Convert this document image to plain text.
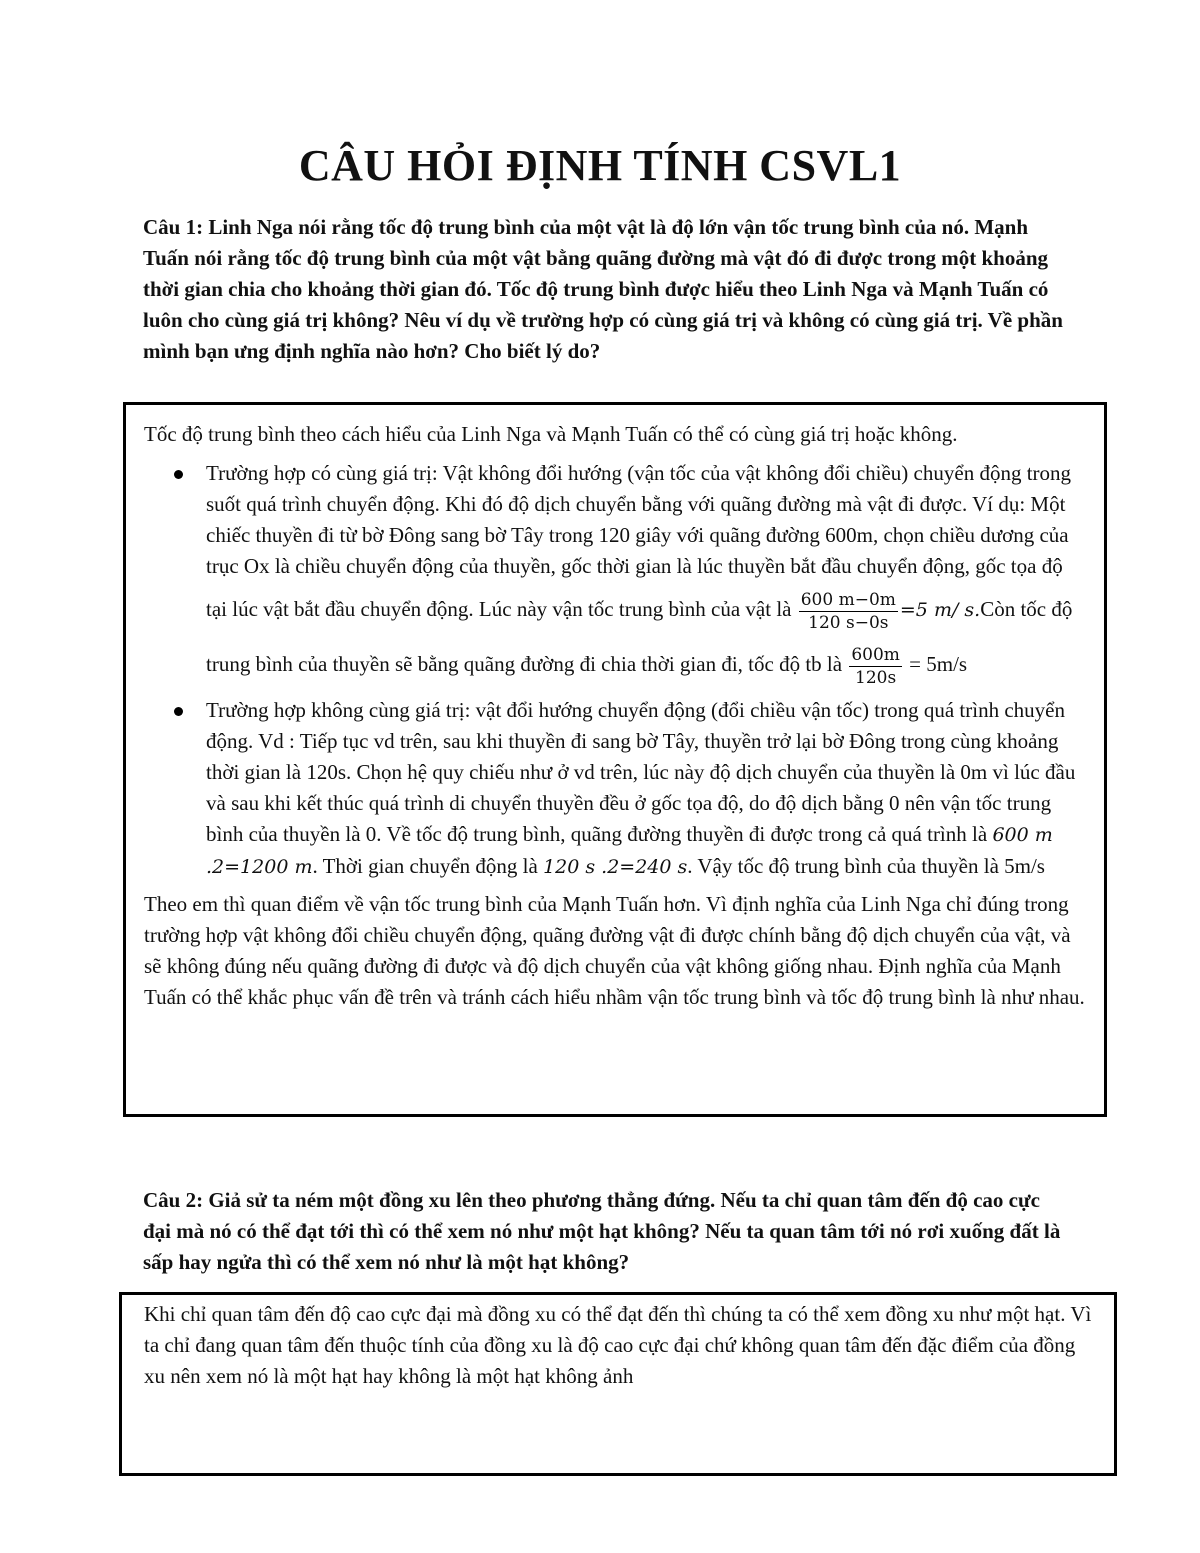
CÂU HỎI ĐỊNH TÍNH CSVL1
Câu 1: Linh Nga nói rằng tốc độ trung bình của một vật là độ lớn vận tốc trung bình của nó. Mạnh Tuấn nói rằng tốc độ trung bình của một vật bằng quãng đường mà vật đó đi được trong một khoảng thời gian chia cho khoảng thời gian đó. Tốc độ trung bình được hiểu theo Linh Nga và Mạnh Tuấn có luôn cho cùng giá trị không? Nêu ví dụ về trường hợp có cùng giá trị và không có cùng giá trị. Về phần mình bạn ưng định nghĩa nào hơn? Cho biết lý do?

Tốc độ trung bình theo cách hiểu của Linh Nga và Mạnh Tuấn có thể có cùng giá trị hoặc không.

Trường hợp có cùng giá trị: Vật không đổi hướng (vận tốc của vật không đổi chiều) chuyển động trong suốt quá trình chuyển động. Khi đó độ dịch chuyển bằng với quãng đường mà vật đi được. Ví dụ: Một chiếc thuyền đi từ bờ Đông sang bờ Tây trong 120 giây với quãng đường 600m, chọn chiều dương của trục Ox là chiều chuyển động của thuyền, gốc thời gian là lúc thuyền bắt đầu chuyển động, gốc tọa độ tại lúc vật bắt đầu chuyển động. Lúc này vận tốc trung bình của vật là $\frac{600 m-0m}{120 s-0s} =5$ m/ s.Còn tốc độ trung bình của thuyền sẽ bằng quãng đường đi chia thời gian đi, tốc độ tb là $\frac{600m}{120s} = 5m/s$
Trường hợp không cùng giá trị: vật đổi hướng chuyển động (đổi chiều vận tốc) trong quá trình chuyển động. Vd : Tiếp tục vd trên, sau khi thuyền đi sang bờ Tây, thuyền trở lại bờ Đông trong cùng khoảng thời gian là 120s. Chọn hệ quy chiếu như ở vd trên, lúc này độ dịch chuyển của thuyền là 0m vì lúc đầu và sau khi kết thúc quá trình di chuyển thuyền đều ở gốc tọa độ, do độ dịch bằng 0 nên vận tốc trung bình của thuyền là 0. Về tốc độ trung bình, quãng đường thuyền đi được trong cả quá trình là 600 m .2=1200 m. Thời gian chuyển động là 120 s .2=240 s. Vậy tốc độ trung bình của thuyền là 5m/s

Theo em thì quan điểm về vận tốc trung bình của Mạnh Tuấn hơn. Vì định nghĩa của Linh Nga chỉ đúng trong trường hợp vật không đổi chiều chuyển động, quãng đường vật đi được chính bằng độ dịch chuyển của vật, và sẽ không đúng nếu quãng đường đi được và độ dịch chuyển của vật không giống nhau. Định nghĩa của Mạnh Tuấn có thể khắc phục vấn đề trên và tránh cách hiểu nhầm vận tốc trung bình và tốc độ trung bình là như nhau.

Câu 2: Giả sử ta ném một đồng xu lên theo phương thẳng đứng. Nếu ta chỉ quan tâm đến độ cao cực đại mà nó có thể đạt tới thì có thể xem nó như một hạt không? Nếu ta quan tâm tới nó rơi xuống đất là sấp hay ngửa thì có thể xem nó như là một hạt không?

Khi chỉ quan tâm đến độ cao cực đại mà đồng xu có thể đạt đến thì chúng ta có thể xem đồng xu như một hạt. Vì ta chỉ đang quan tâm đến thuộc tính của đồng xu là độ cao cực đại chứ không quan tâm đến đặc điểm của đồng xu nên xem nó là một hạt hay không là một hạt không ảnh
